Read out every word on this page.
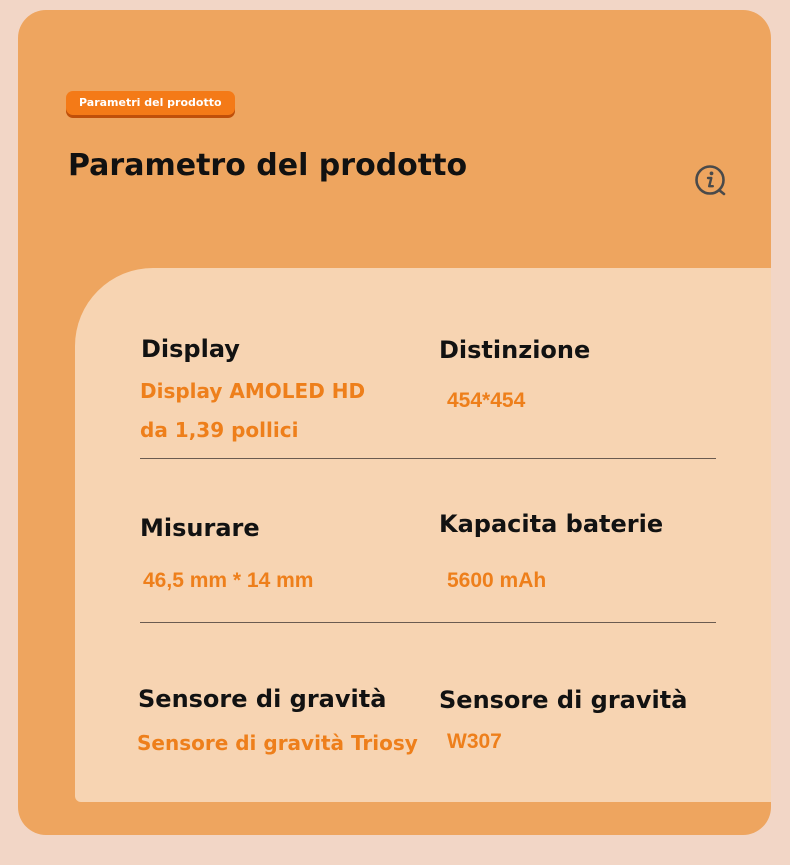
Parametri del prodotto
Parametro del prodotto
Display
Display AMOLED HD
da 1,39 pollici
Distinzione
454*454
Misurare
46,5 mm * 14 mm
Kapacita baterie
5600 mAh
Sensore di gravità
Sensore di gravità Triosy
Sensore di gravità
W307
